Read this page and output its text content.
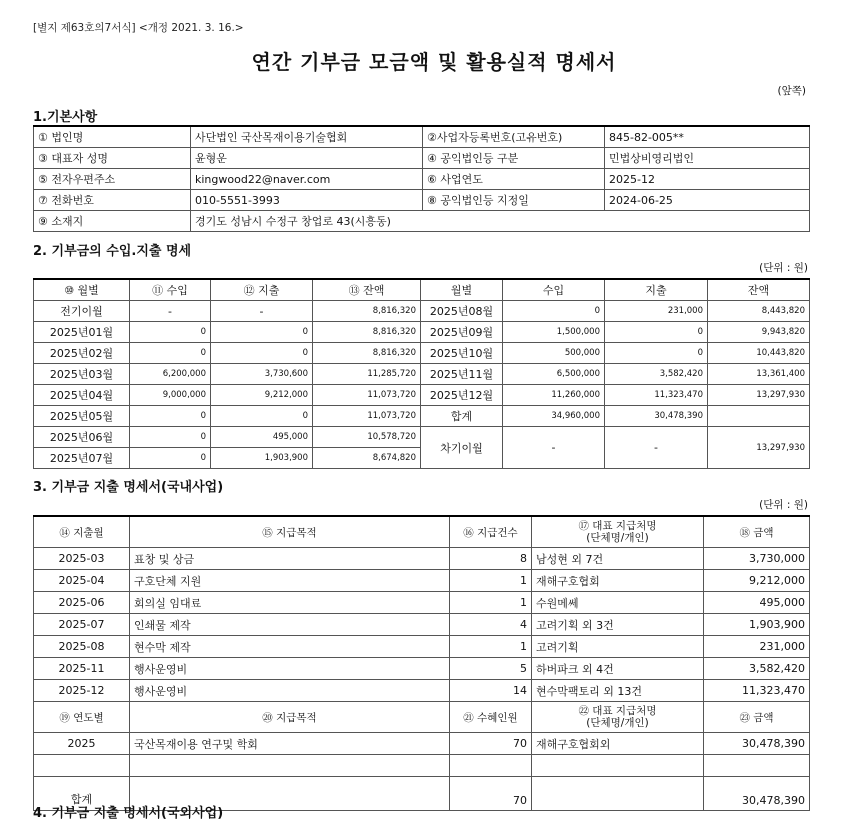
[별지 제63호의7서식] <개정 2021. 3. 16.>
연간 기부금 모금액 및 활용실적 명세서
(앞쪽)
1.기본사항
① 법인명	사단법인 국산목재이용기술협회	②사업자등록번호(고유번호)	845-82-005**
③ 대표자 성명	윤형운	④ 공익법인등 구분	민법상비영리법인
⑤ 전자우편주소	kingwood22@naver.com	⑥ 사업연도	2025-12
⑦ 전화번호	010-5551-3993	⑧ 공익법인등 지정일	2024-06-25
⑨ 소재지	경기도 성남시 수정구 창업로 43(시흥동)		
2. 기부금의 수입.지출 명세
(단위 : 원)
⑩ 월별	⑪ 수입	⑫ 지출	⑬ 잔액	월별	수입	지출	잔액
전기이월	-	-	8,816,320	2025년08월	0	231,000	8,443,820
2025년01월	0	0	8,816,320	2025년09월	1,500,000	0	9,943,820
2025년02월	0	0	8,816,320	2025년10월	500,000	0	10,443,820
2025년03월	6,200,000	3,730,600	11,285,720	2025년11월	6,500,000	3,582,420	13,361,400
2025년04월	9,000,000	9,212,000	11,073,720	2025년12월	11,260,000	11,323,470	13,297,930
2025년05월	0	0	11,073,720	합계	34,960,000	30,478,390	
2025년06월	0	495,000	10,578,720	차기이월	-	-	13,297,930
2025년07월	0	1,903,900	8,674,820				
3. 기부금 지출 명세서(국내사업)
(단위 : 원)
⑭ 지출월	⑮ 지급목적	⑯ 지급건수	⑰ 대표 지급처명
(단체명/개인)	⑱ 금액
2025-03	표창 및 상금	8	남성현 외 7건	3,730,000
2025-04	구호단체 지원	1	재해구호협회	9,212,000
2025-06	회의실 임대료	1	수원메쎄	495,000
2025-07	인쇄물 제작	4	고려기획 외 3건	1,903,900
2025-08	현수막 제작	1	고려기획	231,000
2025-11	행사운영비	5	하버파크 외 4건	3,582,420
2025-12	행사운영비	14	현수막팩토리 외 13건	11,323,470
⑲ 연도별	⑳ 지급목적	㉑ 수혜인원	㉒ 대표 지급처명
(단체명/개인)	㉓ 금액
2025	국산목재이용 연구및 학회	70	재해구호협회외	30,478,390

합계		70		30,478,390
4. 기부금 지출 명세서(국외사업)
